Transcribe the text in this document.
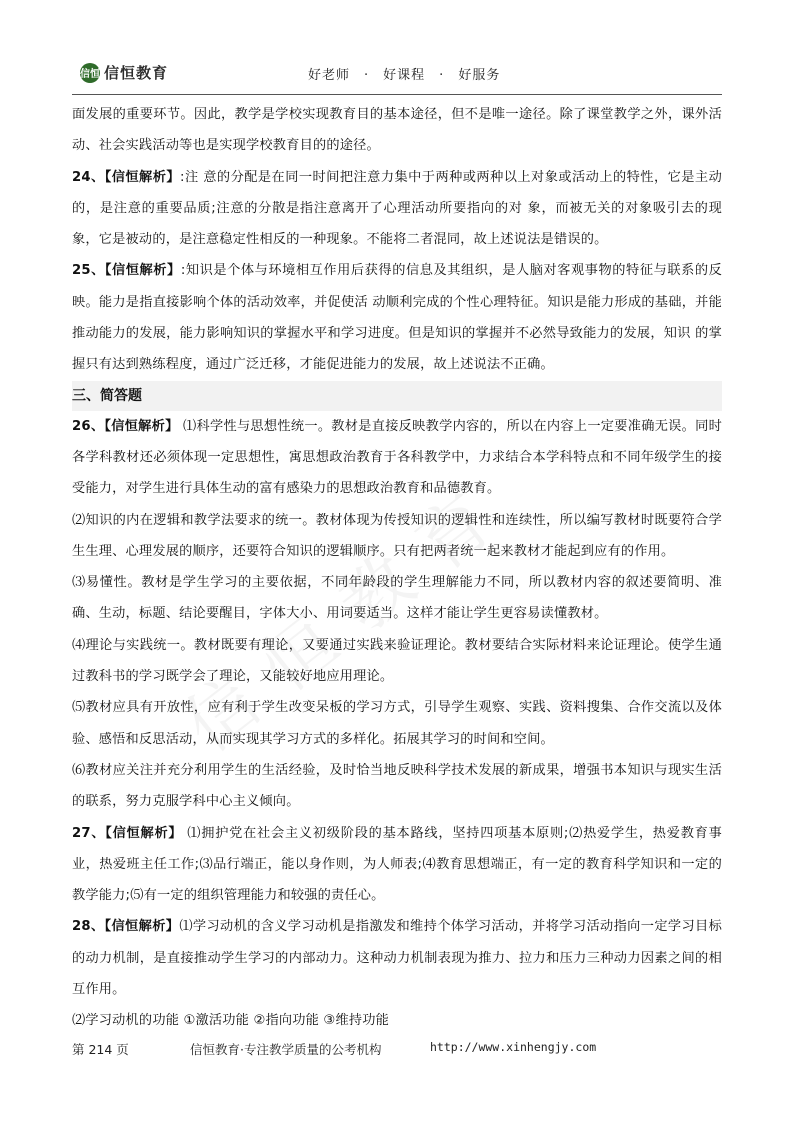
信恒 信恒教育	好老师 · 好课程 · 好服务

面发展的重要环节。因此，教学是学校实现教育目的基本途径，但不是唯一途径。除了课堂教学之外，课外活 动、社会实践活动等也是实现学校教育目的的途径。

24、【信恒解析】:注 意的分配是在同一时间把注意力集中于两种或两种以上对象或活动上的特性，它是主动的，是注意的重要品质;注意的分散是指注意离开了心理活动所要指向的对 象，而被无关的对象吸引去的现象，它是被动的，是注意稳定性相反的一种现象。不能将二者混同，故上述说法是错误的。

25、【信恒解析】:知识是个体与环境相互作用后获得的信息及其组织，是人脑对客观事物的特征与联系的反映。能力是指直接影响个体的活动效率，并促使活 动顺利完成的个性心理特征。知识是能力形成的基础，并能推动能力的发展，能力影响知识的掌握水平和学习进度。但是知识的掌握并不必然导致能力的发展，知识 的掌握只有达到熟练程度，通过广泛迁移，才能促进能力的发展，故上述说法不正确。

三、简答题

26、【信恒解析】 ⑴科学性与思想性统一。教材是直接反映教学内容的，所以在内容上一定要准确无误。同时各学科教材还必须体现一定思想性，寓思想政治教育于各科教学中，力求结合本学科特点和不同年级学生的接受能力，对学生进行具体生动的富有感染力的思想政治教育和品德教育。

⑵知识的内在逻辑和教学法要求的统一。教材体现为传授知识的逻辑性和连续性，所以编写教材时既要符合学生生理、心理发展的顺序，还要符合知识的逻辑顺序。只有把两者统一起来教材才能起到应有的作用。

⑶易懂性。教材是学生学习的主要依据，不同年龄段的学生理解能力不同，所以教材内容的叙述要简明、准确、生动，标题、结论要醒目，字体大小、用词要适当。这样才能让学生更容易读懂教材。

⑷理论与实践统一。教材既要有理论，又要通过实践来验证理论。教材要结合实际材料来论证理论。使学生通过教科书的学习既学会了理论，又能较好地应用理论。

⑸教材应具有开放性，应有利于学生改变呆板的学习方式，引导学生观察、实践、资料搜集、合作交流以及体验、感悟和反思活动，从而实现其学习方式的多样化。拓展其学习的时间和空间。

⑹教材应关注并充分利用学生的生活经验，及时恰当地反映科学技术发展的新成果，增强书本知识与现实生活的联系，努力克服学科中心主义倾向。

27、【信恒解析】 ⑴拥护党在社会主义初级阶段的基本路线，坚持四项基本原则;⑵热爱学生，热爱教育事业，热爱班主任工作;⑶品行端正，能以身作则，为人师表;⑷教育思想端正，有一定的教育科学知识和一定的教学能力;⑸有一定的组织管理能力和较强的责任心。

28、【信恒解析】⑴学习动机的含义学习动机是指激发和维持个体学习活动，并将学习活动指向一定学习目标的动力机制，是直接推动学生学习的内部动力。这种动力机制表现为推力、拉力和压力三种动力因素之间的相互作用。

⑵学习动机的功能 ①激活功能 ②指向功能 ③维持功能

第 214 页	信恒教育·专注教学质量的公考机构	http://www.xinhengjy.com
